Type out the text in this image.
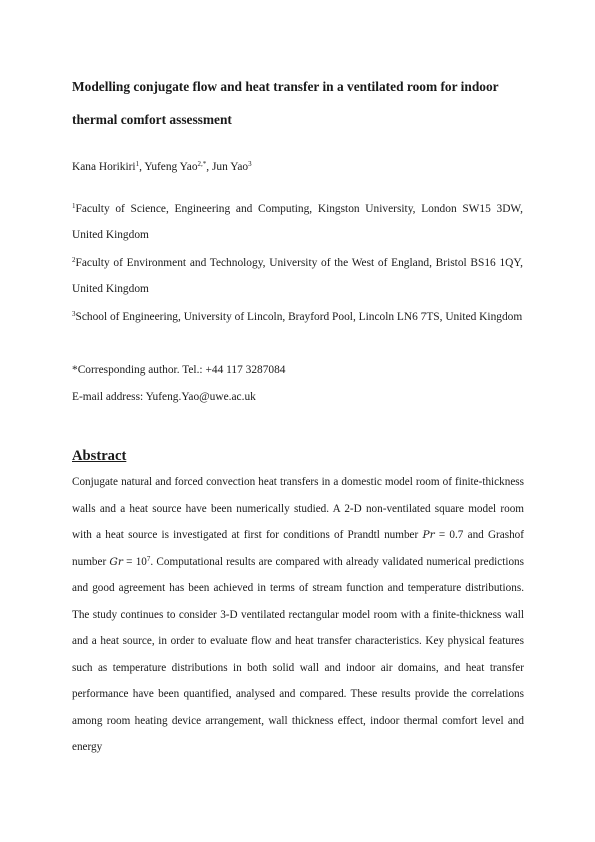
Modelling conjugate flow and heat transfer in a ventilated room for indoor thermal comfort assessment

Kana Horikiri$^1$, Yufeng Yao$^{2,*}$, Jun Yao$^3$

$^1$Faculty of Science, Engineering and Computing, Kingston University, London SW15 3DW, United Kingdom

$^2$Faculty of Environment and Technology, University of the West of England, Bristol BS16 1QY, United Kingdom

$^3$School of Engineering, University of Lincoln, Brayford Pool, Lincoln LN6 7TS, United Kingdom

*Corresponding author. Tel.: +44 117 3287084

E-mail address: Yufeng.Yao@uwe.ac.uk

Abstract

Conjugate natural and forced convection heat transfers in a domestic model room of finite-thickness walls and a heat source have been numerically studied. A 2-D non-ventilated square model room with a heat source is investigated at first for conditions of Prandtl number Pr = 0.7 and Grashof number $Gr = 10^7$. Computational results are compared with already validated numerical predictions and good agreement has been achieved in terms of stream function and temperature distributions. The study continues to consider 3-D ventilated rectangular model room with a finite-thickness wall and a heat source, in order to evaluate flow and heat transfer characteristics. Key physical features such as temperature distributions in both solid wall and indoor air domains, and heat transfer performance have been quantified, analysed and compared. These results provide the correlations among room heating device arrangement, wall thickness effect, indoor thermal comfort level and energy
